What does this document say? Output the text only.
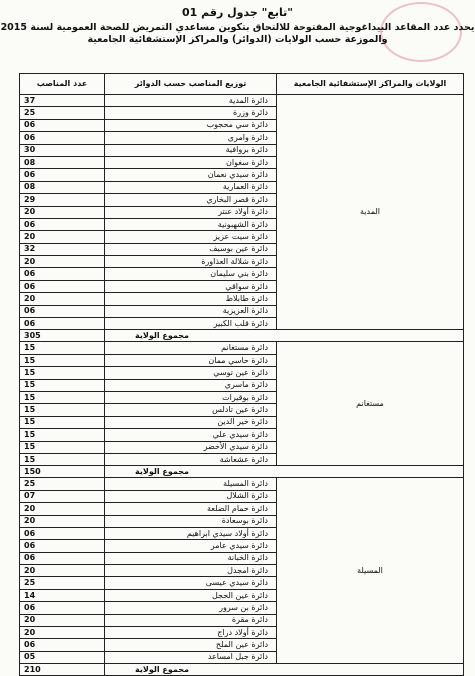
"تابع" جدول رقم 01
يحدد عدد المقاعد البيداغوجية المفتوحة للالتحاق بتكوين مساعدي التمريض للصحة العمومية لسنة 2015
والموزعة حسب الولايات (الدوائر) والمراكز الإستشفائية الجامعية
الولايات والمراكز الإستشفائية الجامعية	توزيع المناصب حسب الدوائر	عدد المناصب
المدية	دائرة المدية	37
	دائرة وزرة	25
	دائرة سي محجوب	06
	دائرة وامري	06
	دائرة بروافية	30
	دائرة سغوان	08
	دائرة سيدي نعمان	06
	دائرة العمارية	08
	دائرة قصر البخاري	29
	دائرة أولاد عنتر	20
	دائرة الشهبونية	06
	دائرة سيت عزيز	20
	دائرة عين بوسيف	32
	دائرة شلالة العذاورة	20
	دائرة بني سليمان	06
	دائرة سواقي	06
	دائرة طابلاط	20
	دائرة العزيزية	06
	دائرة قلب الكبير	06
مجموع الولاية		305
مستغانم	دائرة مستغانم	15
	دائرة حاسي ممان	15
	دائرة عين توسي	15
	دائرة ماسري	15
	دائرة بوقيرات	15
	دائرة عين تادلس	15
	دائرة خير الدين	15
	دائرة سيدي علي	15
	دائرة سيدي الأخضر	15
	دائرة عشعاشة	15
مجموع الولاية		150
المسيلة	دائرة المسيلة	25
	دائرة الشلال	07
	دائرة حمام الضلعة	20
	دائرة بوسعادة	20
	دائرة أولاد سيدي ابراهيم	06
	دائرة سيدي عامر	06
	دائرة الخبانة	06
	دائرة امجدل	20
	دائرة سيدي عيسى	25
	دائرة عين الحجل	14
	دائرة بن سرور	06
	دائرة مقرة	20
	دائرة أولاد دراج	20
	دائرة عين الملح	06
	دائرة جبل امساعد	05
مجموع الولاية		210
